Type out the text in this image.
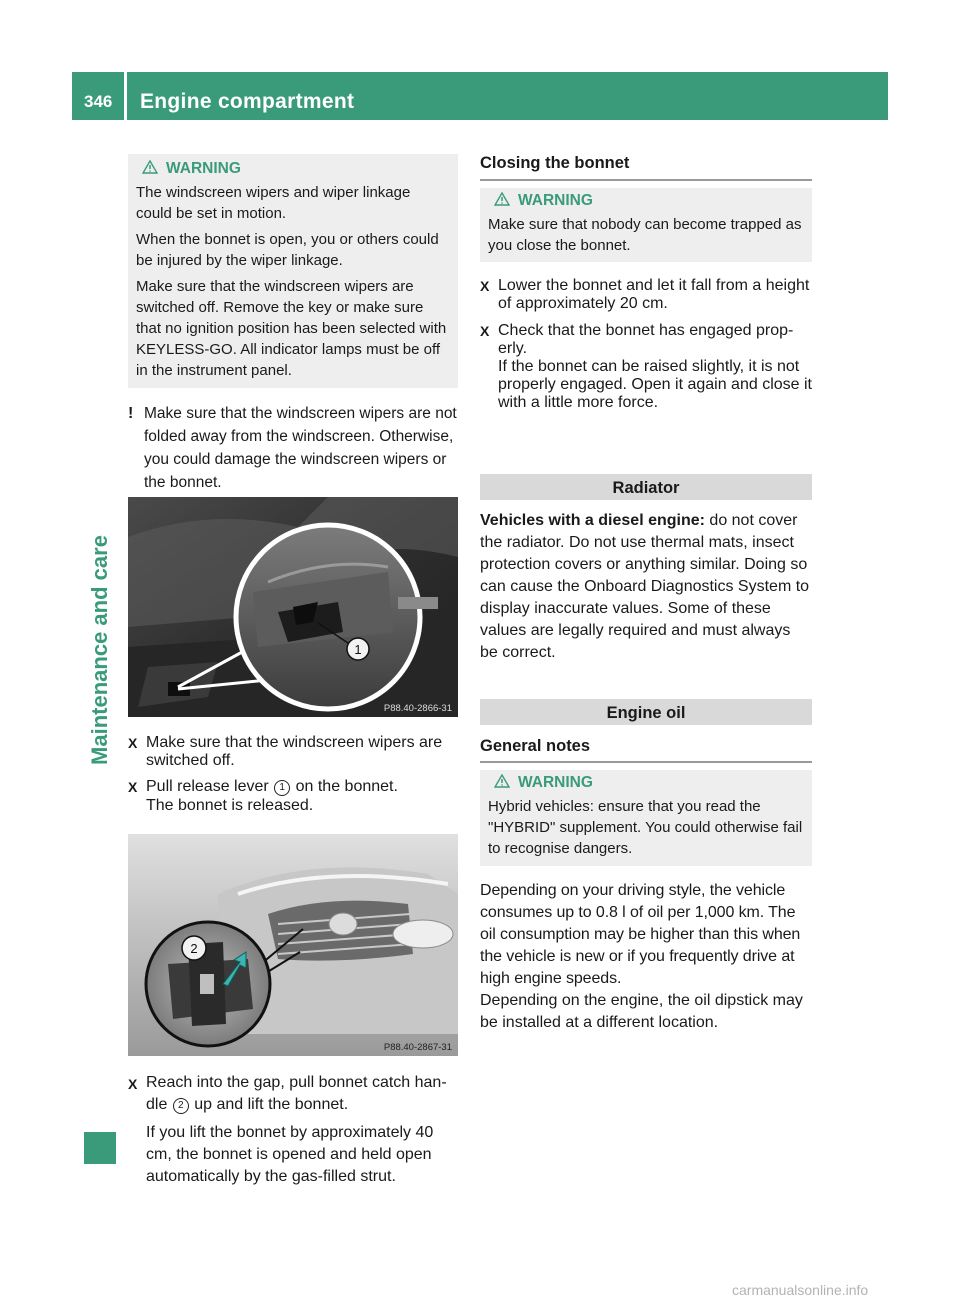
346 Engine compartment
Maintenance and care
WARNING

The windscreen wipers and wiper linkage could be set in motion.

When the bonnet is open, you or others could be injured by the wiper linkage.

Make sure that the windscreen wipers are switched off. Remove the key or make sure that no ignition position has been selected with KEYLESS-GO. All indicator lamps must be off in the instrument panel.

! Make sure that the windscreen wipers are not folded away from the windscreen. Otherwise, you could damage the windscreen wipers or the bonnet.

1
P88.40-2866-31
X Make sure that the windscreen wipers are switched off.

X Pull release lever 1 on the bonnet.

The bonnet is released.

2
P88.40-2867-31
X Reach into the gap, pull bonnet catch handle 2 up and lift the bonnet.

If you lift the bonnet by approximately 40 cm, the bonnet is opened and held open automatically by the gas-filled strut.

Closing the bonnet
WARNING

Make sure that nobody can become trapped as you close the bonnet.

X Lower the bonnet and let it fall from a height of approximately 20 cm.

X Check that the bonnet has engaged properly.

If the bonnet can be raised slightly, it is not properly engaged. Open it again and close it with a little more force.

Radiator

Vehicles with a diesel engine: do not cover the radiator. Do not use thermal mats, insect protection covers or anything similar. Doing so can cause the Onboard Diagnostics System to display inaccurate values. Some of these values are legally required and must always be correct.

Engine oil
General notes
WARNING

Hybrid vehicles: ensure that you read the "HYBRID" supplement. You could otherwise fail to recognise dangers.

Depending on your driving style, the vehicle consumes up to 0.8 l of oil per 1,000 km. The oil consumption may be higher than this when the vehicle is new or if you frequently drive at high engine speeds.

Depending on the engine, the oil dipstick may be installed at a different location.

carmanualsonline.info
